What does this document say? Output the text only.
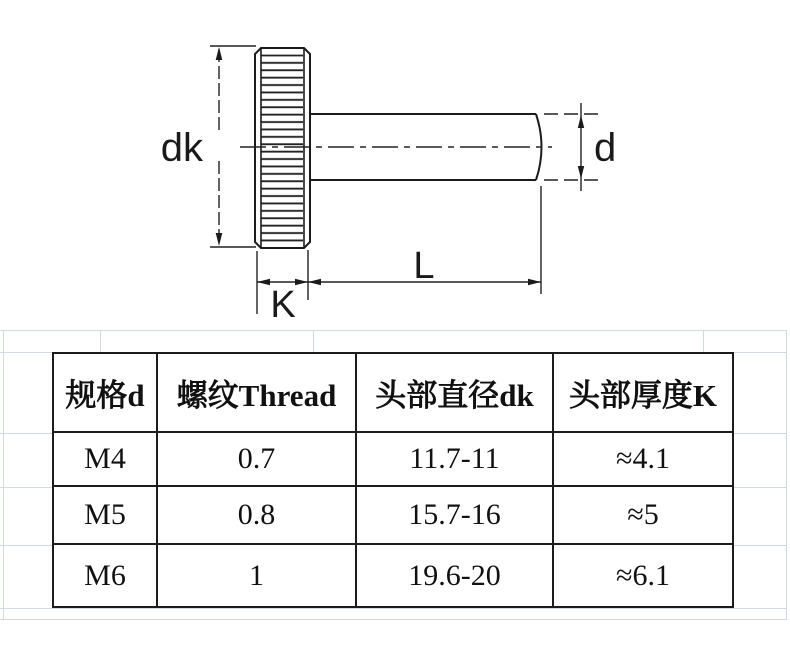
dk	d
K
L
规格d	螺纹Thread	头部直径dk	头部厚度K
M4	0.7	11.7-11	≈4.1
M5	0.8	15.7-16	≈5
M6	1	19.6-20	≈6.1
